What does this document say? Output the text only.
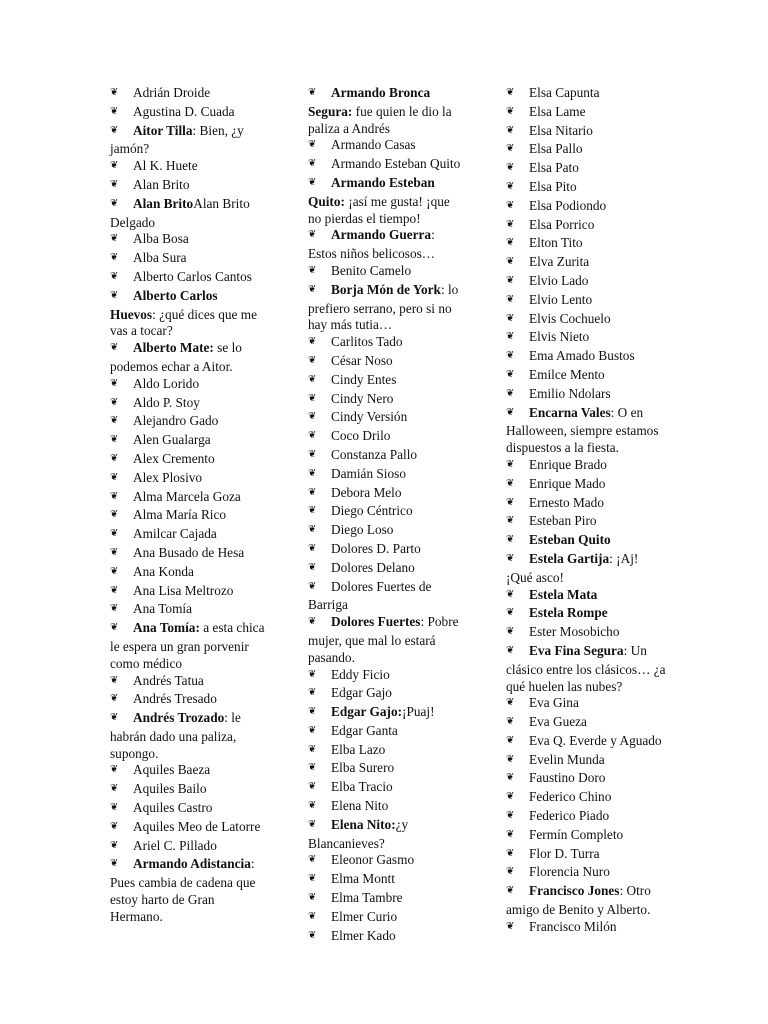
❦ Adrián Droide
❦ Agustina D. Cuada
❦ Aitor Tilla: Bien, ¿y jamón?
❦ Al K. Huete
❦ Alan Brito
❦ Alan BritoAlan Brito Delgado
❦ Alba Bosa
❦ Alba Sura
❦ Alberto Carlos Cantos
❦ Alberto Carlos Huevos: ¿qué dices que me vas a tocar?
❦ Alberto Mate: se lo podemos echar a Aitor.
❦ Aldo Lorido
❦ Aldo P. Stoy
❦ Alejandro Gado
❦ Alen Gualarga
❦ Alex Cremento
❦ Alex Plosivo
❦ Alma Marcela Goza
❦ Alma María Rico
❦ Amilcar Cajada
❦ Ana Busado de Hesa
❦ Ana Konda
❦ Ana Lisa Meltrozo
❦ Ana Tomía
❦ Ana Tomía: a esta chica le espera un gran porvenir como médico
❦ Andrés Tatua
❦ Andrés Tresado
❦ Andrés Trozado: le habrán dado una paliza, supongo.
❦ Aquiles Baeza
❦ Aquiles Bailo
❦ Aquiles Castro
❦ Aquiles Meo de Latorre
❦ Ariel C. Pillado
❦ Armando Adistancia: Pues cambia de cadena que estoy harto de Gran Hermano.
❦ Armando Bronca Segura: fue quien le dio la paliza a Andrés
❦ Armando Casas
❦ Armando Esteban Quito
❦ Armando Esteban Quito: ¡así me gusta! ¡que no pierdas el tiempo!
❦ Armando Guerra: Estos niños belicosos…
❦ Benito Camelo
❦ Borja Món de York: lo prefiero serrano, pero si no hay más tutia…
❦ Carlitos Tado
❦ César Noso
❦ Cindy Entes
❦ Cindy Nero
❦ Cindy Versión
❦ Coco Drilo
❦ Constanza Pallo
❦ Damián Sioso
❦ Debora Melo
❦ Diego Céntrico
❦ Diego Loso
❦ Dolores D. Parto
❦ Dolores Delano
❦ Dolores Fuertes de Barriga
❦ Dolores Fuertes: Pobre mujer, que mal lo estará pasando.
❦ Eddy Ficio
❦ Edgar Gajo
❦ Edgar Gajo:¡Puaj!
❦ Edgar Ganta
❦ Elba Lazo
❦ Elba Surero
❦ Elba Tracio
❦ Elena Nito
❦ Elena Nito:¿y Blancanieves?
❦ Eleonor Gasmo
❦ Elma Montt
❦ Elma Tambre
❦ Elmer Curio
❦ Elmer Kado
❦ Elsa Capunta
❦ Elsa Lame
❦ Elsa Nitario
❦ Elsa Pallo
❦ Elsa Pato
❦ Elsa Pito
❦ Elsa Podiondo
❦ Elsa Porrico
❦ Elton Tito
❦ Elva Zurita
❦ Elvio Lado
❦ Elvio Lento
❦ Elvis Cochuelo
❦ Elvis Nieto
❦ Ema Amado Bustos
❦ Emilce Mento
❦ Emilio Ndolars
❦ Encarna Vales: O en Halloween, siempre estamos dispuestos a la fiesta.
❦ Enrique Brado
❦ Enrique Mado
❦ Ernesto Mado
❦ Esteban Piro
❦ Esteban Quito
❦ Estela Gartija: ¡Aj! ¡Qué asco!
❦ Estela Mata
❦ Estela Rompe
❦ Ester Mosobicho
❦ Eva Fina Segura: Un clásico entre los clásicos… ¿a qué huelen las nubes?
❦ Eva Gina
❦ Eva Gueza
❦ Eva Q. Everde y Aguado
❦ Evelin Munda
❦ Faustino Doro
❦ Federico Chino
❦ Federico Piado
❦ Fermín Completo
❦ Flor D. Turra
❦ Florencia Nuro
❦ Francisco Jones: Otro amigo de Benito y Alberto.
❦ Francisco Milón
